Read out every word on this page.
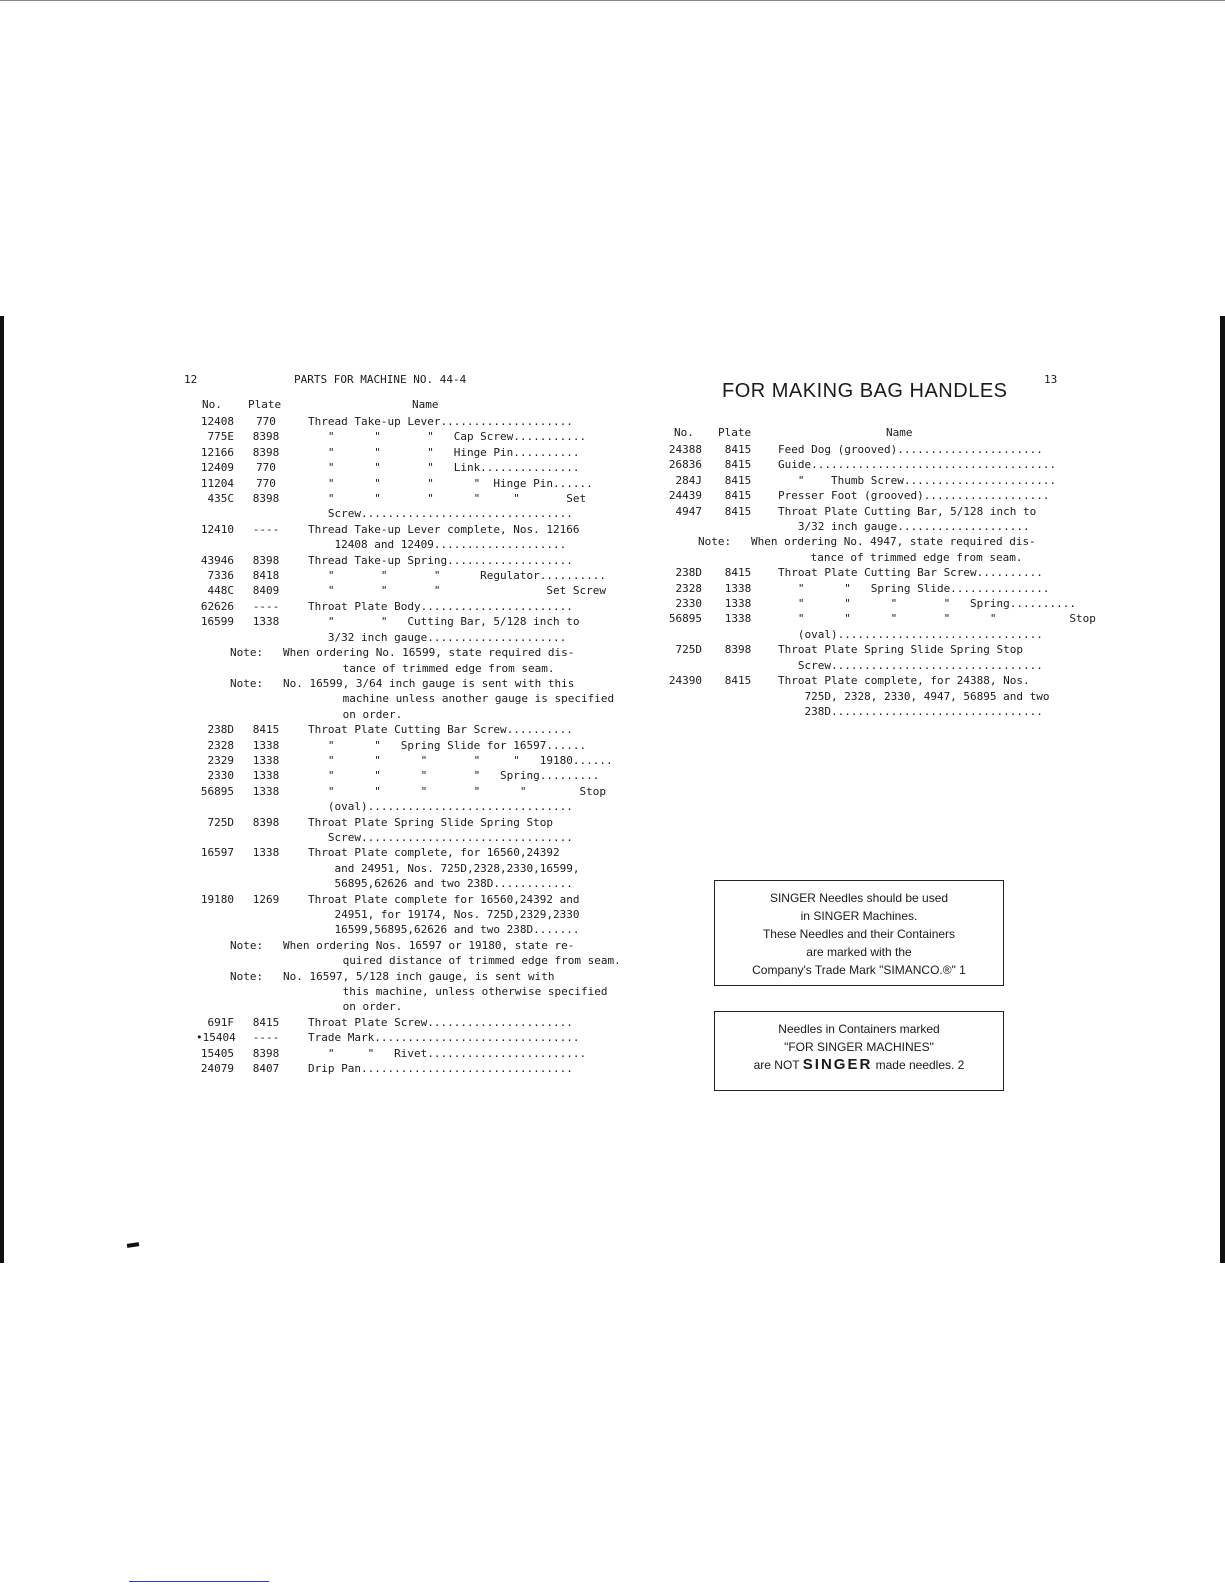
12	PARTS FOR MACHINE NO. 44-4
No. Plate	Name
12408	770	Thread Take-up Lever....................
775E	8398	"      "       "   Cap Screw...........
12166	8398	"      "       "   Hinge Pin..........
12409	770	"      "       "   Link...............
11204	770	"      "       "      "  Hinge Pin......
435C	8398	"      "       "      "     "       Set
Screw................................
12410	----	Thread Take-up Lever complete, Nos. 12166
12408 and 12409....................
43946	8398	Thread Take-up Spring...................
7336	8418	"       "       "      Regulator..........
448C	8409	"       "       "                Set Screw
62626	----	Throat Plate Body.......................
16599	1338	"       "   Cutting Bar, 5/128 inch to
3/32 inch gauge.....................
Note:   When ordering No. 16599, state required dis-
tance of trimmed edge from seam.
Note:   No. 16599, 3/64 inch gauge is sent with this
machine unless another gauge is specified
on order.
238D	8415	Throat Plate Cutting Bar Screw..........
2328	1338	"      "   Spring Slide for 16597......
2329	1338	"      "      "       "     "   19180......
2330	1338	"      "      "       "   Spring.........
56895	1338	"      "      "       "      "        Stop
(oval)...............................
725D	8398	Throat Plate Spring Slide Spring Stop
Screw................................
16597	1338	Throat Plate complete, for 16560,24392
and 24951, Nos. 725D,2328,2330,16599,
56895,62626 and two 238D............
19180	1269	Throat Plate complete for 16560,24392 and
24951, for 19174, Nos. 725D,2329,2330
16599,56895,62626 and two 238D.......
Note:   When ordering Nos. 16597 or 19180, state re-
quired distance of trimmed edge from seam.
Note:   No. 16597, 5/128 inch gauge, is sent with
this machine, unless otherwise specified
on order.
691F	8415	Throat Plate Screw......................
•15404	----	Trade Mark...............................
15405	8398	"     "   Rivet........................
24079	8407	Drip Pan................................
13
FOR MAKING BAG HANDLES
No. Plate	Name
24388	8415	Feed Dog (grooved)......................
26836	8415	Guide.....................................
284J	8415	"    Thumb Screw.......................
24439	8415	Presser Foot (grooved)...................
4947	8415	Throat Plate Cutting Bar, 5/128 inch to
3/32 inch gauge....................
Note:   When ordering No. 4947, state required dis-
tance of trimmed edge from seam.
238D	8415	Throat Plate Cutting Bar Screw..........
2328	1338	"      "   Spring Slide...............
2330	1338	"      "      "       "   Spring..........
56895	1338	"      "      "       "      "           Stop
(oval)...............................
725D	8398	Throat Plate Spring Slide Spring Stop
Screw................................
24390	8415	Throat Plate complete, for 24388, Nos.
725D, 2328, 2330, 4947, 56895 and two
238D................................
SINGER Needles should be used
in SINGER Machines.
These Needles and their Containers
are marked with the
Company's Trade Mark "SIMANCO.®" 1
Needles in Containers marked
"FOR SINGER MACHINES"
are NOT SINGER made needles. 2
